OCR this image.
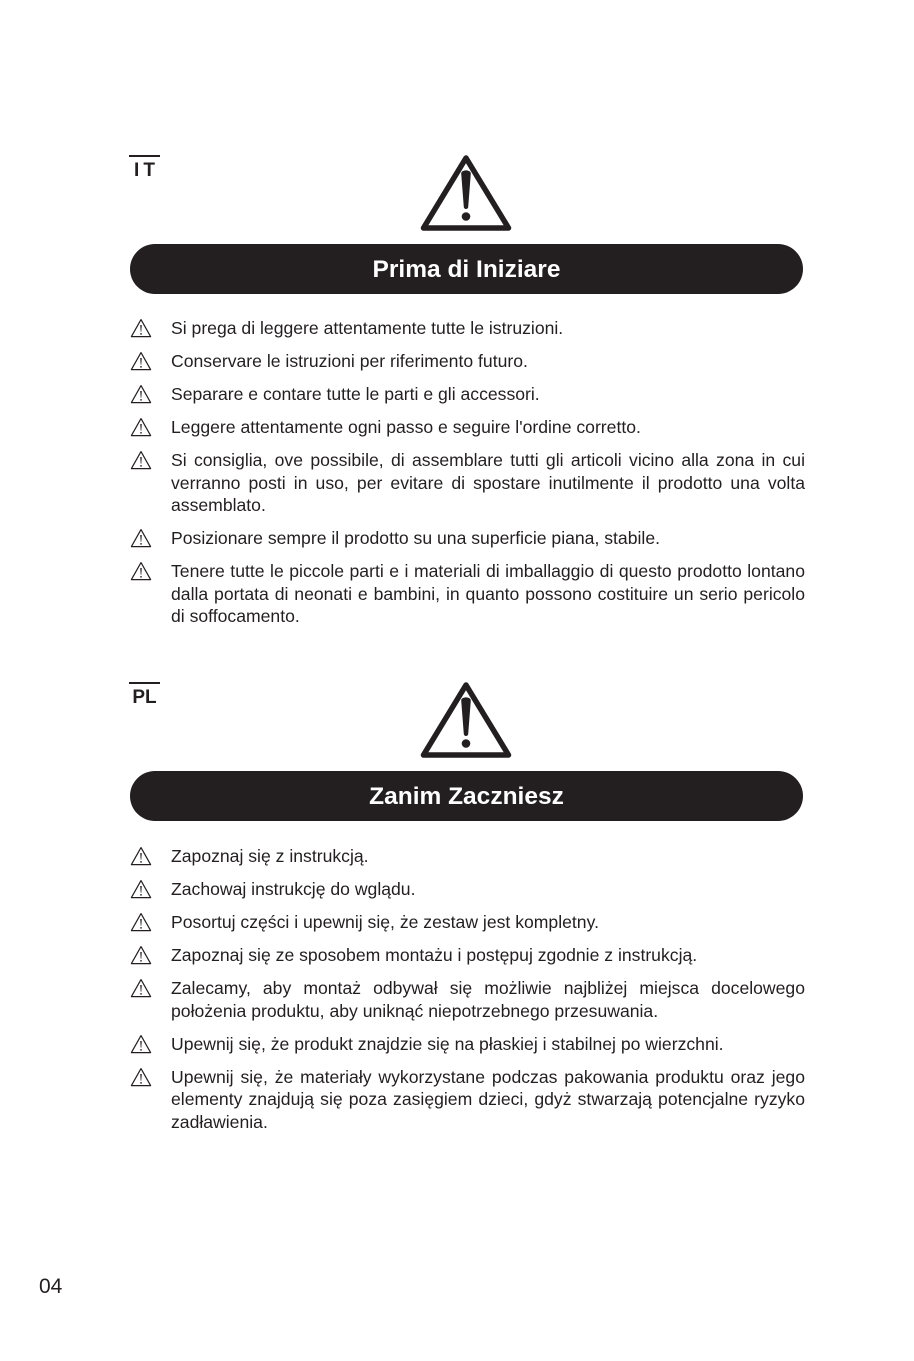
IT
Prima di Iniziare
Si prega di leggere attentamente tutte le istruzioni.
Conservare le istruzioni per riferimento futuro.
Separare e contare tutte le parti e gli accessori.
Leggere attentamente ogni passo e seguire l'ordine corretto.
Si consiglia, ove possibile, di assemblare tutti gli articoli vicino alla zona in cui
verranno posti in uso, per evitare di spostare inutilmente il prodotto una volta
assemblato.
Posizionare sempre il prodotto su una superficie piana, stabile.
Tenere tutte le piccole parti e i materiali di imballaggio di questo prodotto lontano
dalla portata di neonati e bambini, in quanto possono costituire un serio pericolo
di soffocamento.
PL
Zanim Zaczniesz
Zapoznaj się z instrukcją.
Zachowaj instrukcję do wglądu.
Posortuj części i upewnij się, że zestaw jest kompletny.
Zapoznaj się ze sposobem montażu i postępuj zgodnie z instrukcją.
Zalecamy, aby montaż odbywał się możliwie najbliżej miejsca docelowego
położenia produktu, aby uniknąć niepotrzebnego przesuwania.
Upewnij się, że produkt znajdzie się na płaskiej i stabilnej po wierzchni.
Upewnij się, że materiały wykorzystane podczas pakowania produktu oraz jego
elementy znajdują się poza zasięgiem dzieci, gdyż stwarzają potencjalne ryzyko
zadławienia.
04
